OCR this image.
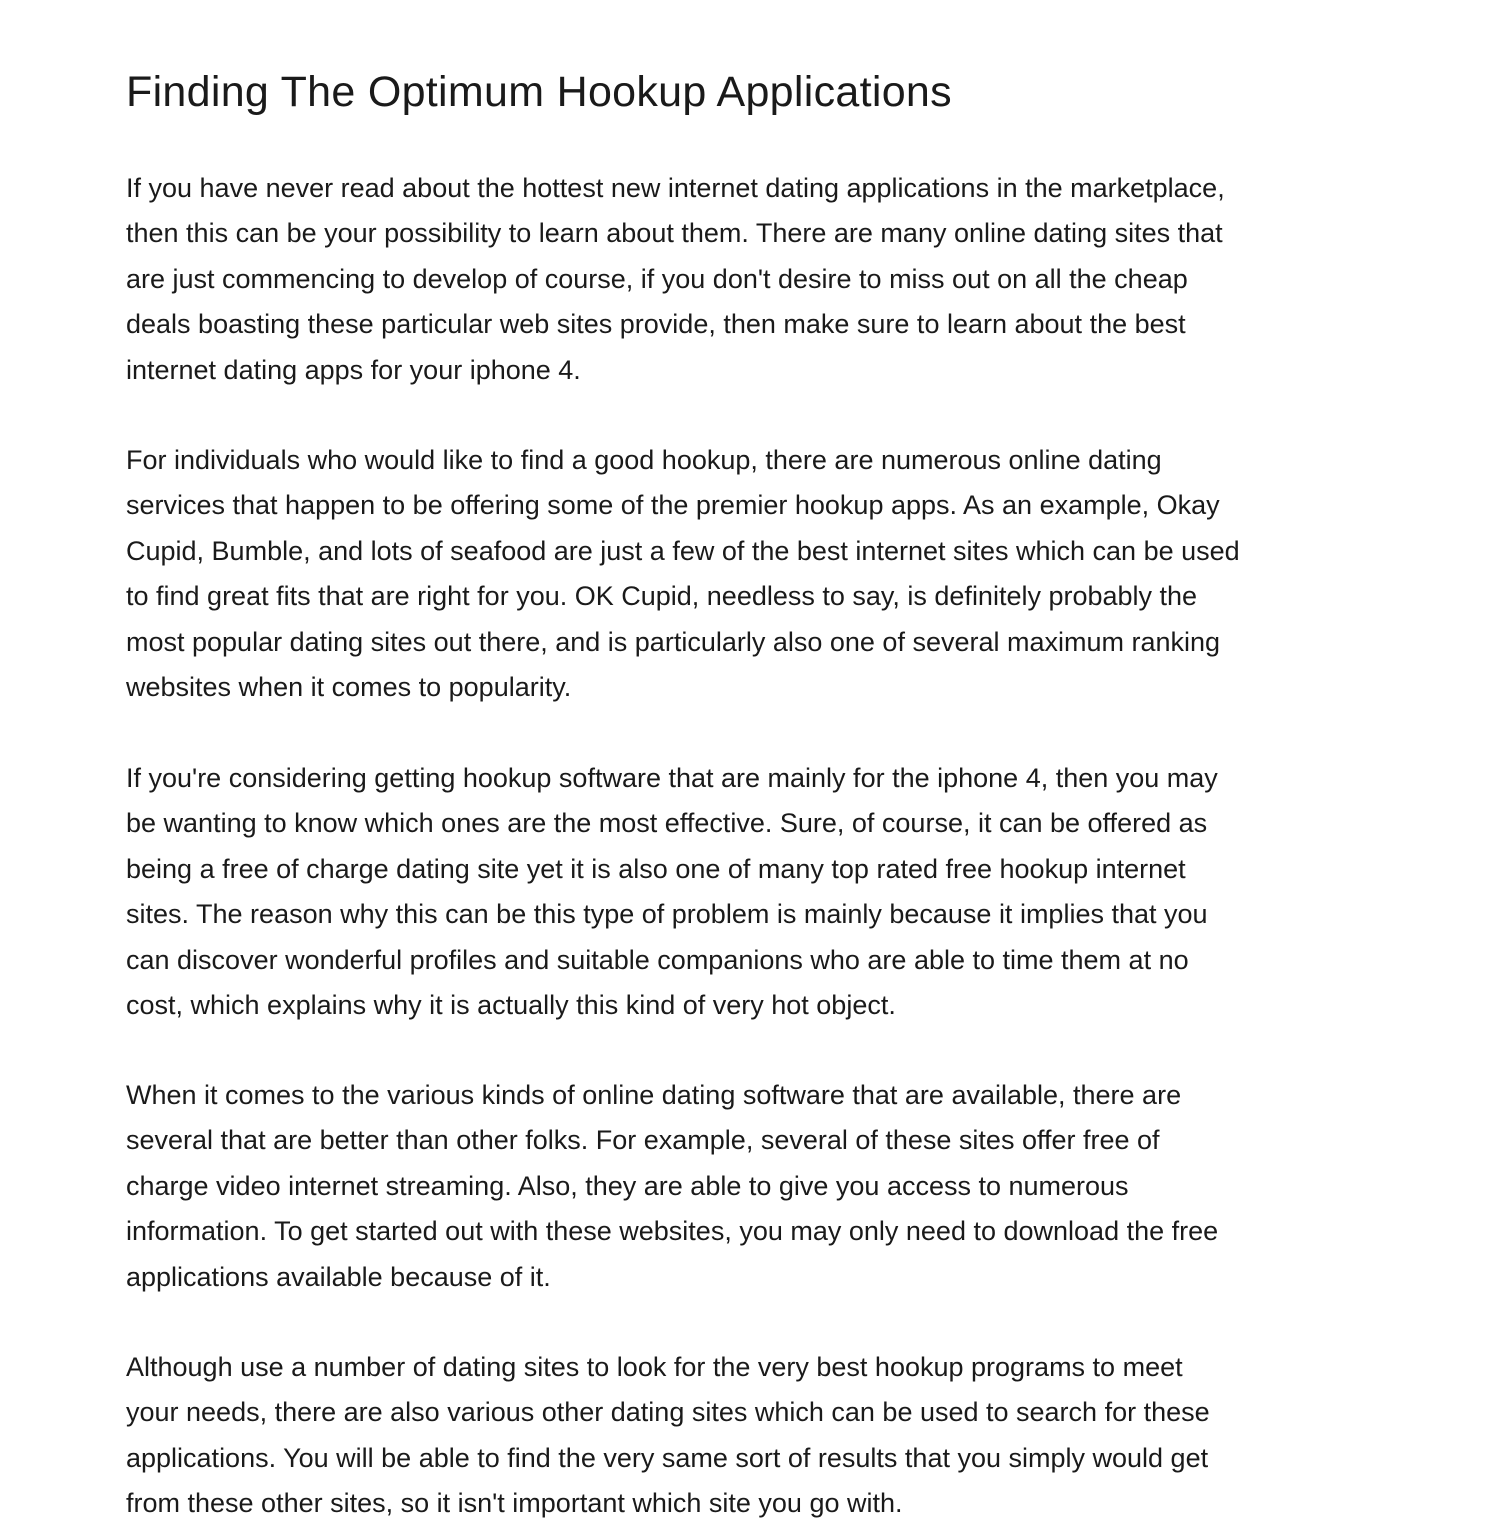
Finding The Optimum Hookup Applications

If you have never read about the hottest new internet dating applications in the marketplace,
then this can be your possibility to learn about them. There are many online dating sites that
are just commencing to develop of course, if you don't desire to miss out on all the cheap
deals boasting these particular web sites provide, then make sure to learn about the best
internet dating apps for your iphone 4.

For individuals who would like to find a good hookup, there are numerous online dating
services that happen to be offering some of the premier hookup apps. As an example, Okay
Cupid, Bumble, and lots of seafood are just a few of the best internet sites which can be used
to find great fits that are right for you. OK Cupid, needless to say, is definitely probably the
most popular dating sites out there, and is particularly also one of several maximum ranking
websites when it comes to popularity.

If you're considering getting hookup software that are mainly for the iphone 4, then you may
be wanting to know which ones are the most effective. Sure, of course, it can be offered as
being a free of charge dating site yet it is also one of many top rated free hookup internet
sites. The reason why this can be this type of problem is mainly because it implies that you
can discover wonderful profiles and suitable companions who are able to time them at no
cost, which explains why it is actually this kind of very hot object.

When it comes to the various kinds of online dating software that are available, there are
several that are better than other folks. For example, several of these sites offer free of
charge video internet streaming. Also, they are able to give you access to numerous
information. To get started out with these websites, you may only need to download the free
applications available because of it.

Although use a number of dating sites to look for the very best hookup programs to meet
your needs, there are also various other dating sites which can be used to search for these
applications. You will be able to find the very same sort of results that you simply would get
from these other sites, so it isn't important which site you go with.
